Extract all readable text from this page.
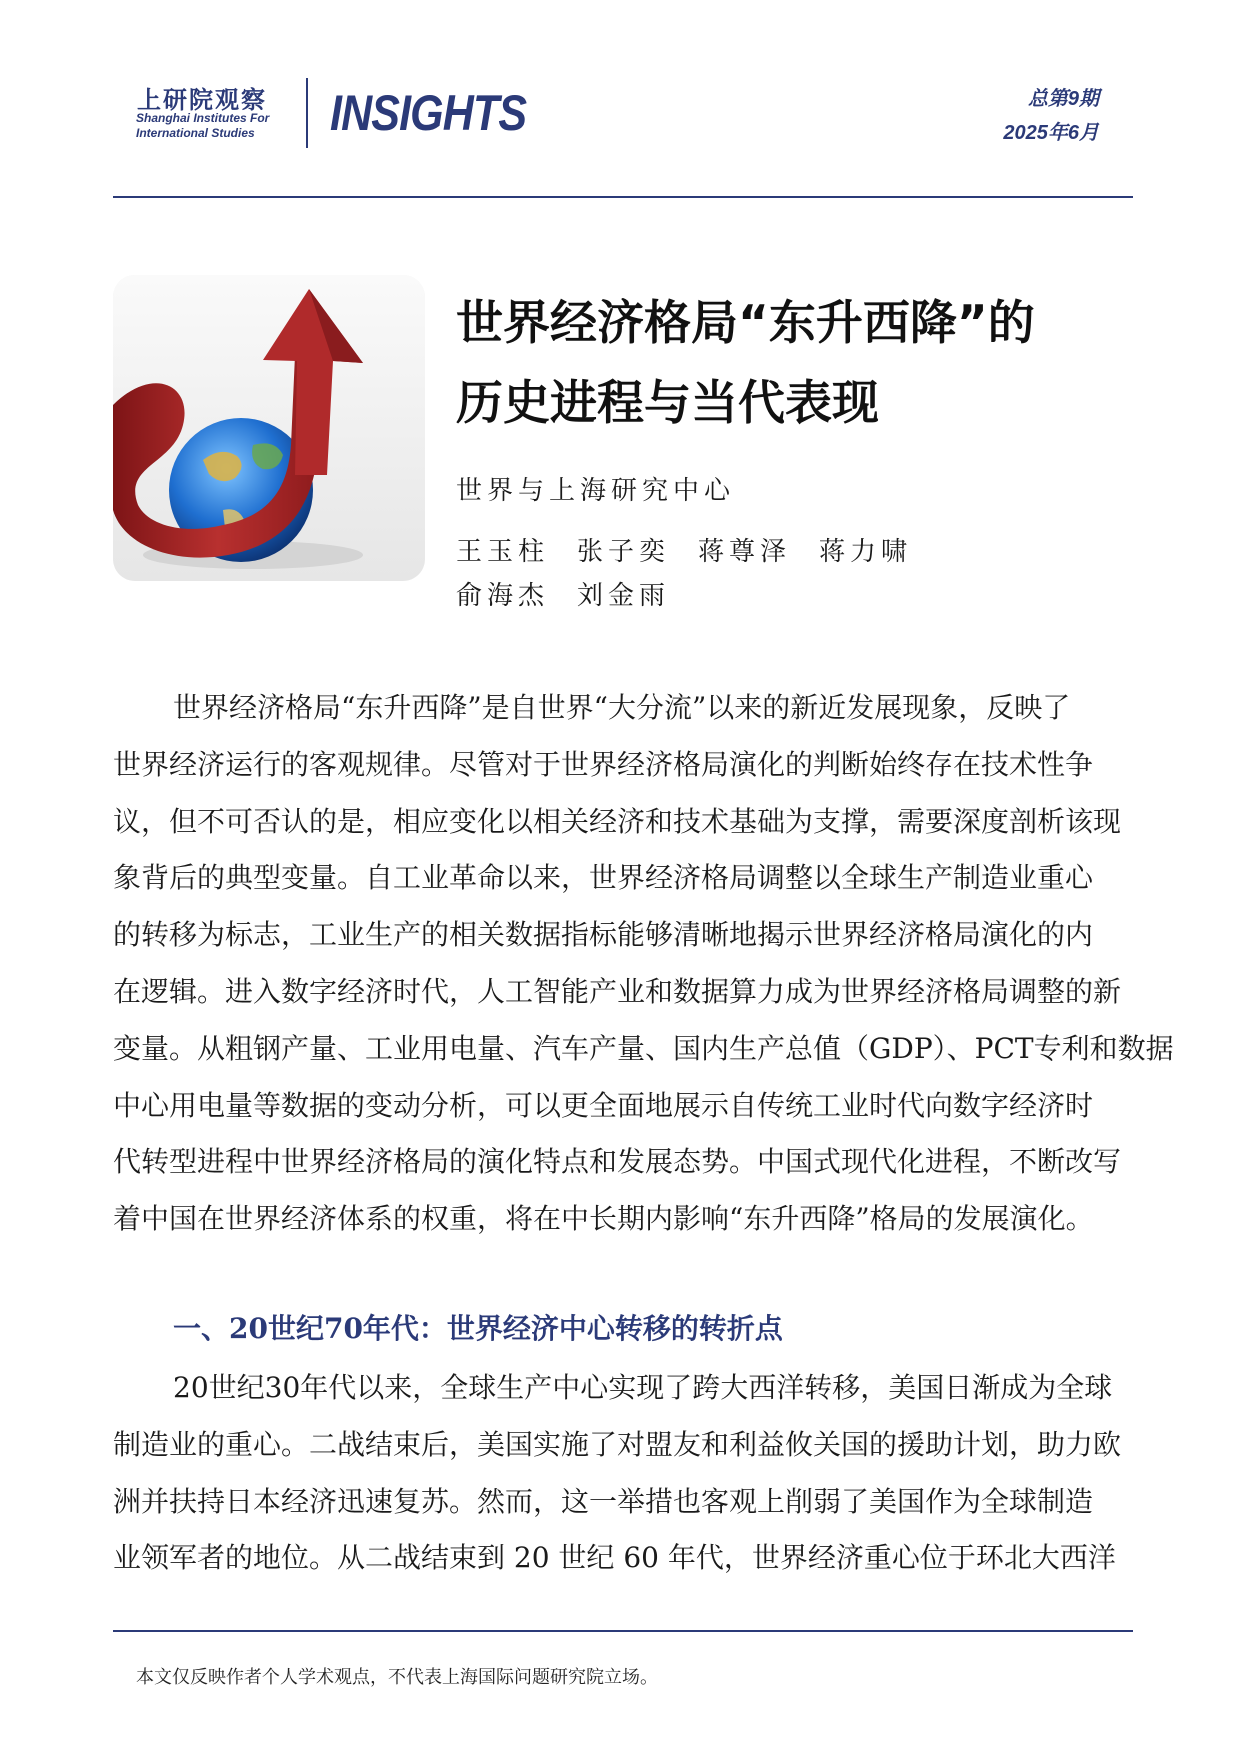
上研院观察
Shanghai Institutes For
International Studies INSIGHTS	总第9期
2025年6月
世界经济格局“东升西降”的
历史进程与当代表现
世界与上海研究中心
王玉柱 张子奕 蒋尊泽 蒋力啸
俞海杰 刘金雨
世界经济格局“东升西降”是自世界“大分流”以来的新近发展现象，反映了
世界经济运行的客观规律。尽管对于世界经济格局演化的判断始终存在技术性争
议，但不可否认的是，相应变化以相关经济和技术基础为支撑，需要深度剖析该现
象背后的典型变量。自工业革命以来，世界经济格局调整以全球生产制造业重心
的转移为标志，工业生产的相关数据指标能够清晰地揭示世界经济格局演化的内
在逻辑。进入数字经济时代，人工智能产业和数据算力成为世界经济格局调整的新
变量。从粗钢产量、工业用电量、汽车产量、国内生产总值（GDP）、PCT专利和数据
中心用电量等数据的变动分析，可以更全面地展示自传统工业时代向数字经济时
代转型进程中世界经济格局的演化特点和发展态势。中国式现代化进程，不断改写
着中国在世界经济体系的权重，将在中长期内影响“东升西降”格局的发展演化。
一、20世纪70年代：世界经济中心转移的转折点
20世纪30年代以来，全球生产中心实现了跨大西洋转移，美国日渐成为全球
制造业的重心。二战结束后，美国实施了对盟友和利益攸关国的援助计划，助力欧
洲并扶持日本经济迅速复苏。然而，这一举措也客观上削弱了美国作为全球制造
业领军者的地位。从二战结束到 20 世纪 60 年代，世界经济重心位于环北大西洋
本文仅反映作者个人学术观点，不代表上海国际问题研究院立场。
